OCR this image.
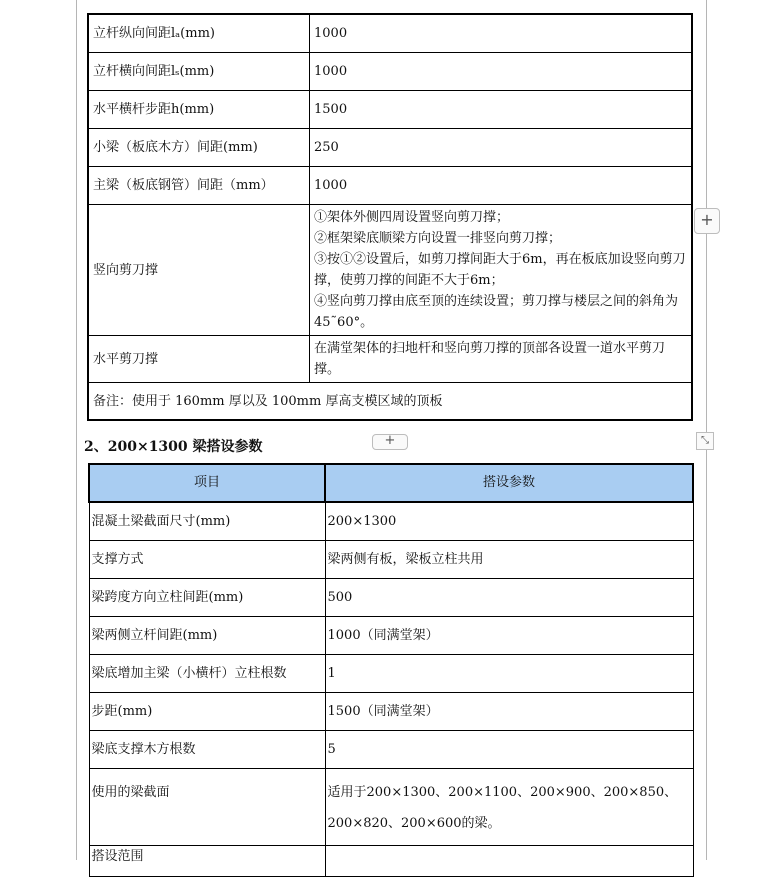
立杆纵向间距lₐ(mm)	1000
立杆横向间距lₛ(mm)	1000
水平横杆步距h(mm)	1500
小梁（板底木方）间距(mm)	250
主梁（板底钢管）间距（mm）	1000
竖向剪刀撑	①架体外侧四周设置竖向剪刀撑；
②框架梁底顺梁方向设置一排竖向剪刀撑；
③按①②设置后，如剪刀撑间距大于6m，再在板底加设竖向剪刀撑，使剪刀撑的间距不大于6m；
④竖向剪刀撑由底至顶的连续设置；剪刀撑与楼层之间的斜角为45˜60°。

水平剪刀撑	在满堂架体的扫地杆和竖向剪刀撑的顶部各设置一道水平剪刀撑。
备注：使用于 160mm 厚以及 100mm 厚高支模区域的顶板	
+
+	⤡
2、200×1300 梁搭设参数
项目	搭设参数
混凝土梁截面尺寸(mm)	200×1300
支撑方式	梁两侧有板，梁板立柱共用
梁跨度方向立柱间距(mm)	500
梁两侧立杆间距(mm)	1000（同满堂架）
梁底增加主梁（小横杆）立柱根数	1
步距(mm)	1500（同满堂架）
梁底支撑木方根数	5
使用的梁截面	适用于200×1300、200×1100、200×900、200×850、200×820、200×600的梁。
搭设范围	
